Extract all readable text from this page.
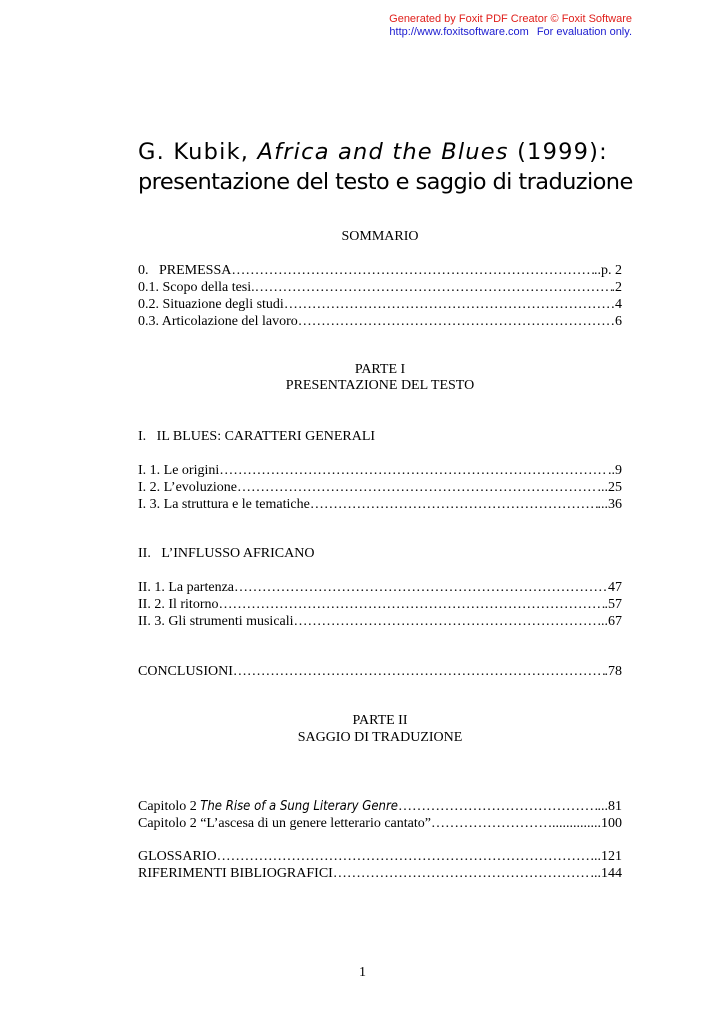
Generated by Foxit PDF Creator © Foxit Software
http://www.foxitsoftware.com For evaluation only.
G. Kubik, Africa and the Blues (1999):
presentazione del testo e saggio di traduzione
SOMMARIO
0.   PREMESSA ……………………………………………………………………………………………………………………………………………	..p. 2
0.1. Scopo della tesi. ……………………………………………………………………………………………………………………………………………	.2
0.2. Situazione degli studi ……………………………………………………………………………………………………………………………………………	4
0.3. Articolazione del lavoro ……………………………………………………………………………………………………………………………………………	6
PARTE I
PRESENTAZIONE DEL TESTO
I.   IL BLUES: CARATTERI GENERALI
I. 1. Le origini ……………………………………………………………………………………………………………………………………………	..9
I. 2. L’evoluzione ……………………………………………………………………………………………………………………………………………	...25
I. 3. La struttura e le tematiche ……………………………………………………………………………………………………………………………………………	...36
II.   L’INFLUSSO AFRICANO
II. 1. La partenza ……………………………………………………………………………………………………………………………………………	47
II. 2. Il ritorno ……………………………………………………………………………………………………………………………………………	.57
II. 3. Gli strumenti musicali ……………………………………………………………………………………………………………………………………………	...67
CONCLUSIONI ……………………………………………………………………………………………………………………………………………	.78
PARTE II
SAGGIO DI TRADUZIONE
Capitolo 2 The Rise of a Sung Literary Genre ……………………………………………………………………………………………………………………………………………	...81
Capitolo 2 “L’ascesa di un genere letterario cantato” ……………………………………………………………………………………………………………………………………………	..............100
GLOSSARIO ……………………………………………………………………………………………………………………………………………	...121
RIFERIMENTI BIBLIOGRAFICI ……………………………………………………………………………………………………………………………………………	...144
1
